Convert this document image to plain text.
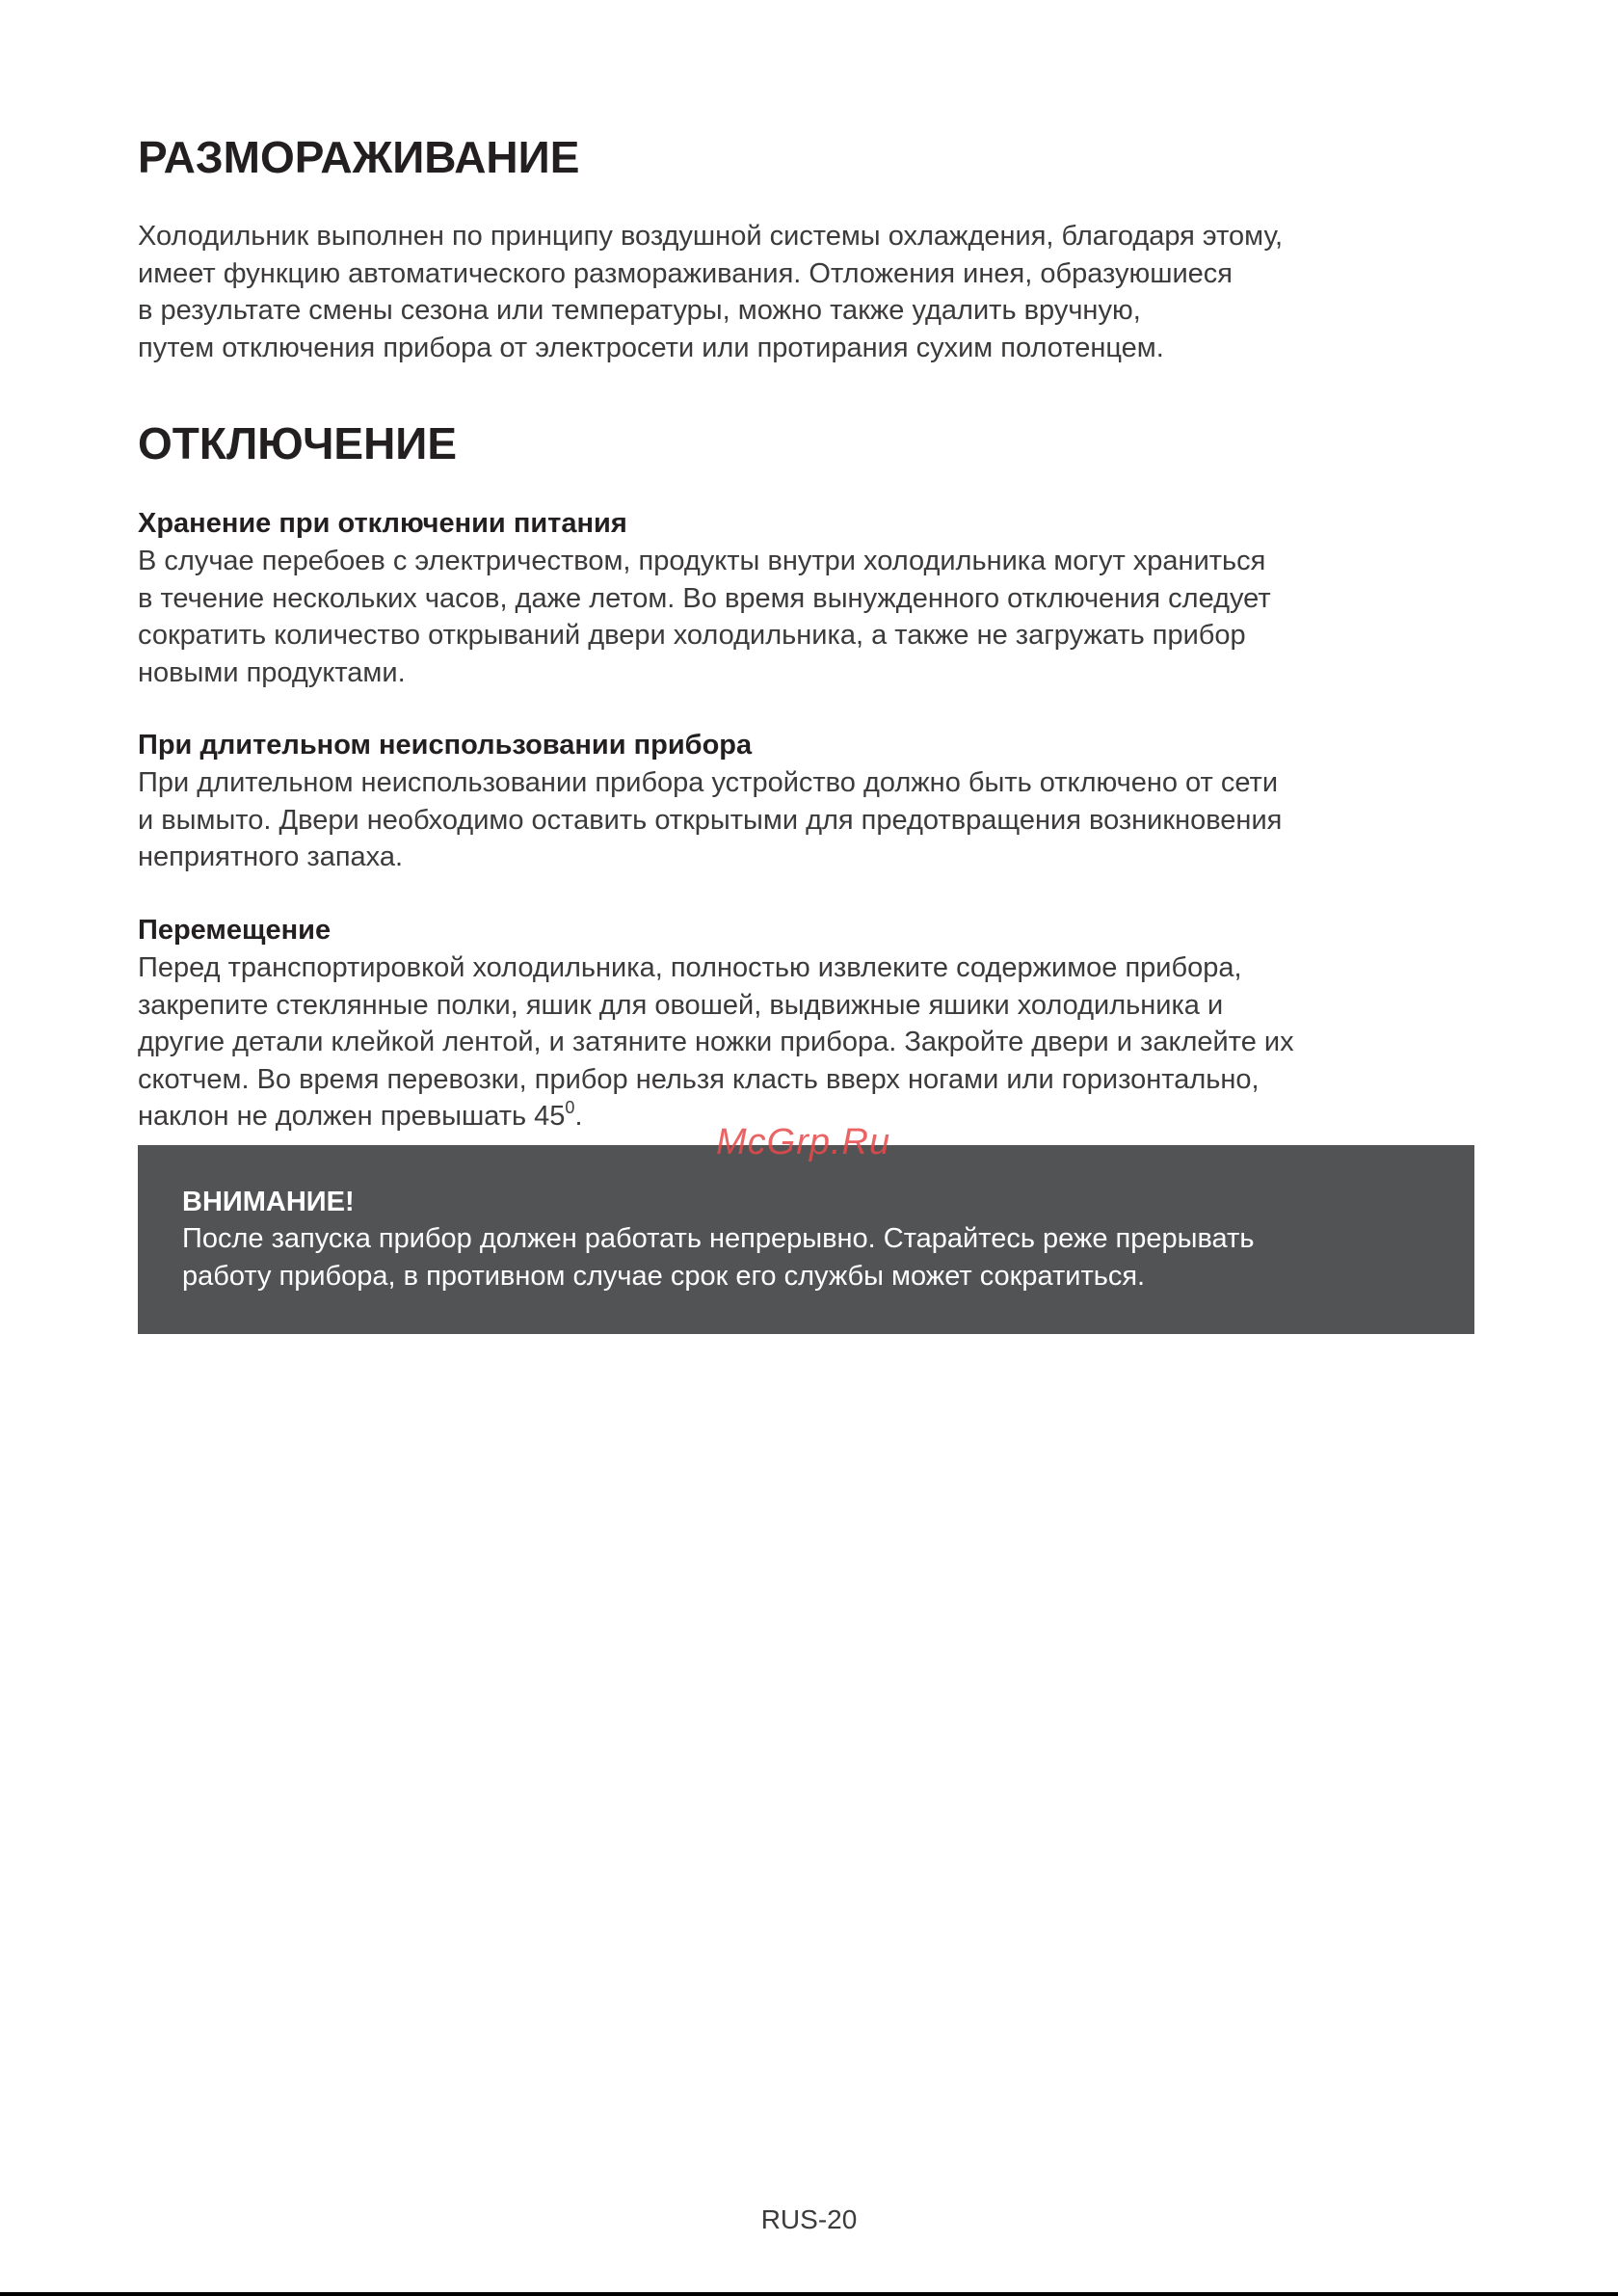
РАЗМОРАЖИВАНИЕ

Холодильник выполнен по принципу воздушной системы охлаждения, благодаря этому,
имеет функцию автоматического размораживания. Отложения инея, образуюшиеся
в результате смены сезона или температуры, можно также удалить вручную,
путем отключения прибора от электросети или протирания сухим полотенцем.

ОТКЛЮЧЕНИЕ
Хранение при отключении питания

В случае перебоев с электричеством, продукты внутри холодильника могут храниться
в течение нескольких часов, даже летом. Во время вынужденного отключения следует
сократить количество открываний двери холодильника, а также не загружать прибор
новыми продуктами.

При длительном неиспользовании прибора

При длительном неиспользовании прибора устройство должно быть отключено от сети
и вымыто. Двери необходимо оставить открытыми для предотвращения возникновения
неприятного запаха.

Перемещение

Перед транспортировкой холодильника, полностью извлеките содержимое прибора,
закрепите стеклянные полки, яшик для овошей, выдвижные яшики холодильника и
другие детали клейкой лентой, и затяните ножки прибора. Закройте двери и заклейте их
скотчем. Во время перевозки, прибор нельзя класть вверх ногами или горизонтально,
наклон не должен превышать $45^0$.

ВНИМАНИЕ!

После запуска прибор должен работать непрерывно. Старайтесь реже прерывать
работу прибора, в противном случае срок его службы может сократиться.

McGrp.Ru
RUS-20
